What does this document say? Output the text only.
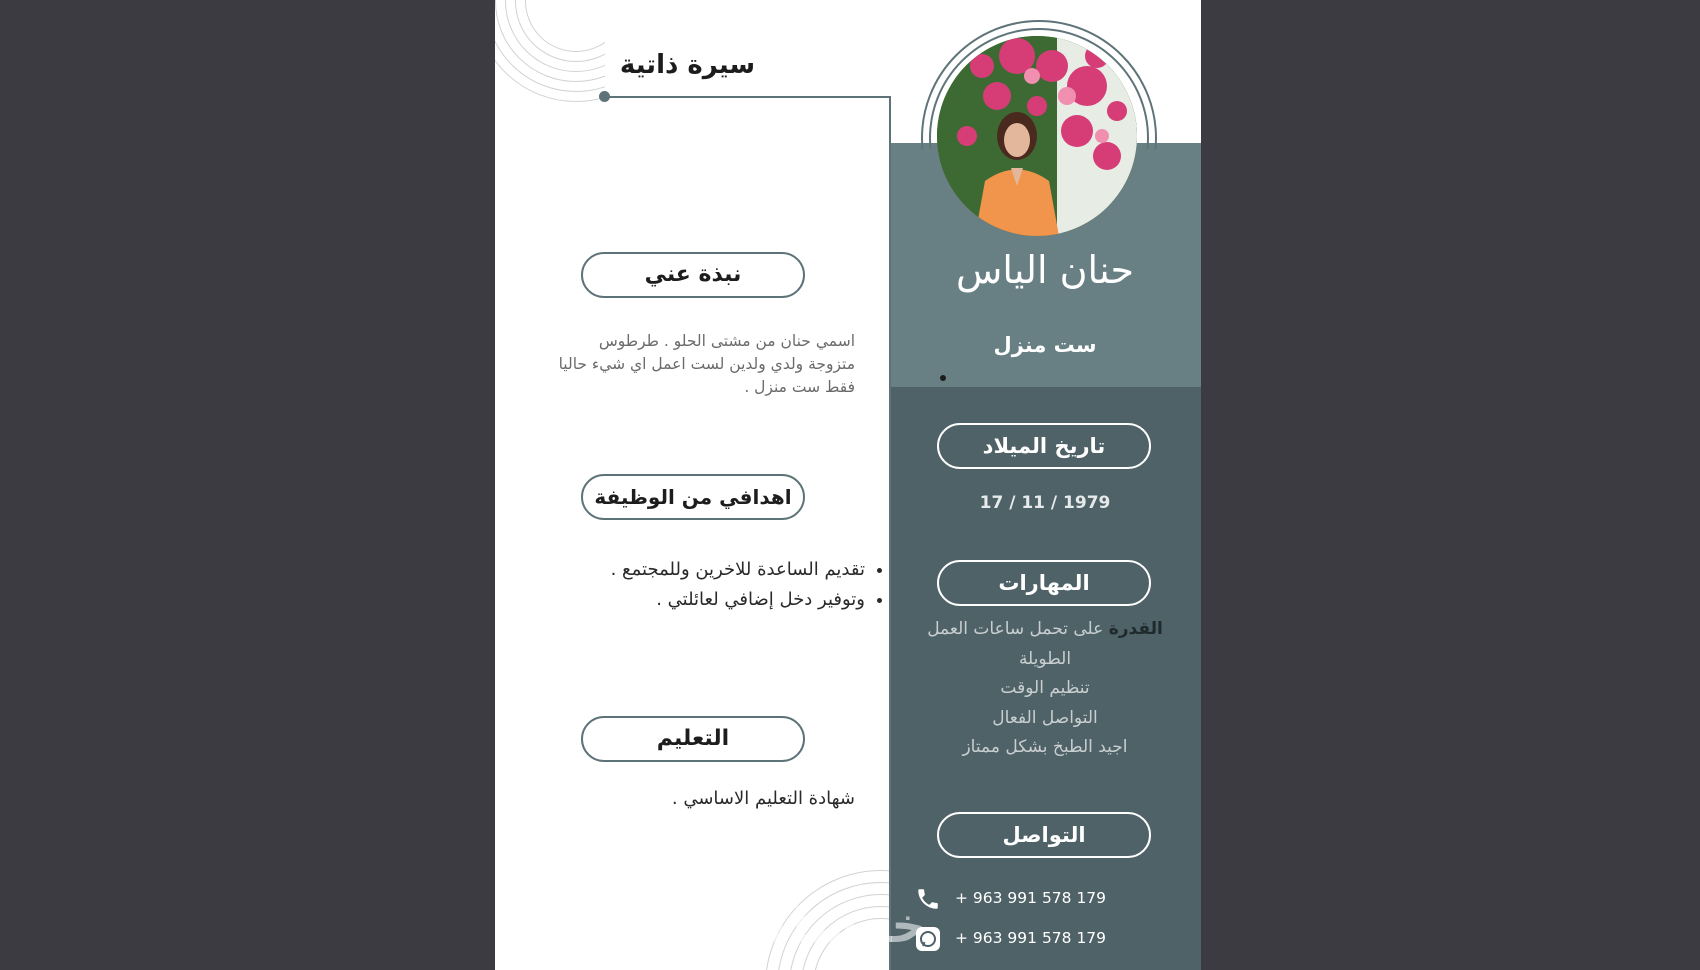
سيرة ذاتية
حنان الياس
ست منزل
نبذة عني
اسمي حنان من مشتى الحلو . طرطوس
متزوجة ولدي ولدين لست اعمل اي شيء حاليا
فقط ست منزل .
اهدافي من الوظيفة
• تقديم الساعدة للاخرين وللمجتمع .
• وتوفير دخل إضافي لعائلتي .
التعليم
شهادة التعليم الاساسي .
تاريخ الميلاد
17 / 11 / 1979
المهارات
القدرة على تحمل ساعات العمل
الطويلة
تنظيم الوقت
التواصل الفعال
اجيد الطبخ بشكل ممتاز
التواصل
+ 963 991 578 179
+ 963 991 578 179
خمسات
